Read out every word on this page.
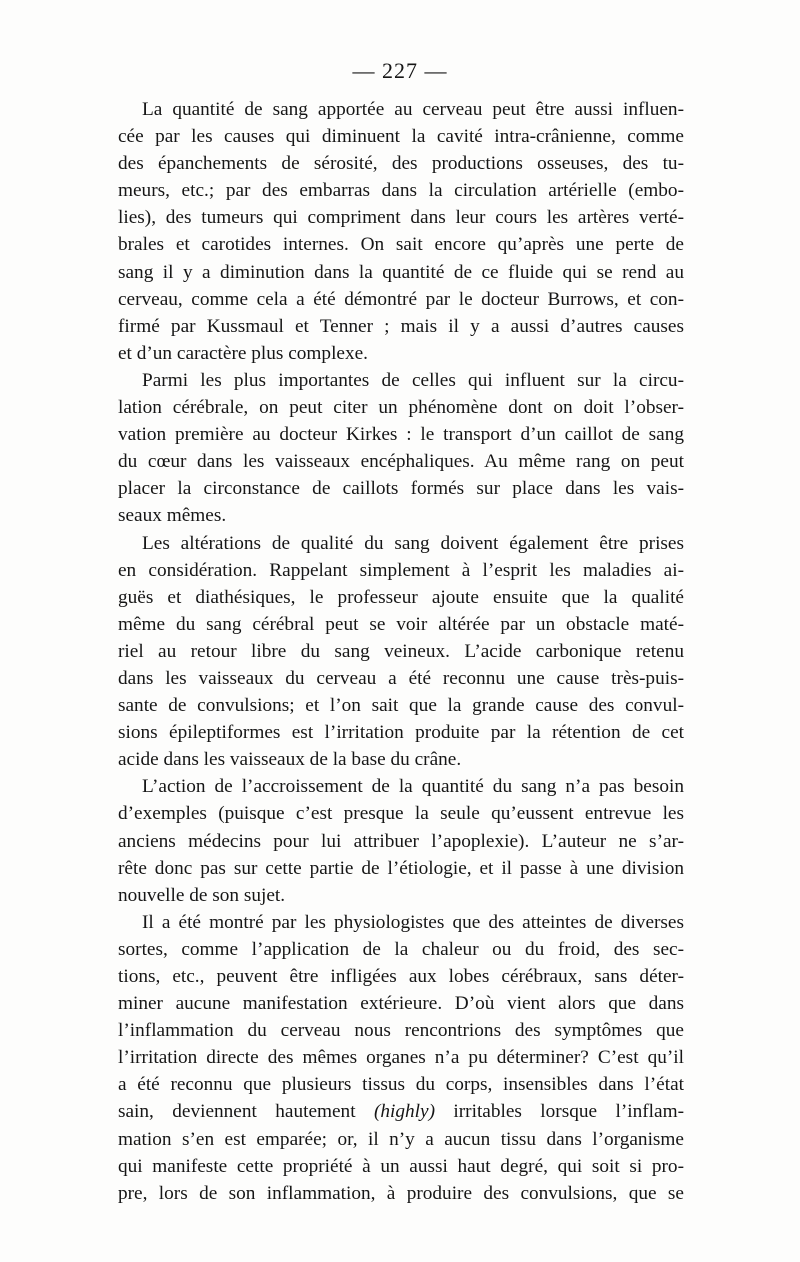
— 227 —

La quantité de sang apportée au cerveau peut être aussi influen-
cée par les causes qui diminuent la cavité intra-crânienne, comme
des épanchements de sérosité, des productions osseuses, des tu-
meurs, etc.; par des embarras dans la circulation artérielle (embo-
lies), des tumeurs qui compriment dans leur cours les artères verté-
brales et carotides internes. On sait encore qu’après une perte de
sang il y a diminution dans la quantité de ce fluide qui se rend au
cerveau, comme cela a été démontré par le docteur Burrows, et con-
firmé par Kussmaul et Tenner ; mais il y a aussi d’autres causes
et d’un caractère plus complexe.
Parmi les plus importantes de celles qui influent sur la circu-
lation cérébrale, on peut citer un phénomène dont on doit l’obser-
vation première au docteur Kirkes : le transport d’un caillot de sang
du cœur dans les vaisseaux encéphaliques. Au même rang on peut
placer la circonstance de caillots formés sur place dans les vais-
seaux mêmes.
Les altérations de qualité du sang doivent également être prises
en considération. Rappelant simplement à l’esprit les maladies ai-
guës et diathésiques, le professeur ajoute ensuite que la qualité
même du sang cérébral peut se voir altérée par un obstacle maté-
riel au retour libre du sang veineux. L’acide carbonique retenu
dans les vaisseaux du cerveau a été reconnu une cause très-puis-
sante de convulsions; et l’on sait que la grande cause des convul-
sions épileptiformes est l’irritation produite par la rétention de cet
acide dans les vaisseaux de la base du crâne.
L’action de l’accroissement de la quantité du sang n’a pas besoin
d’exemples (puisque c’est presque la seule qu’eussent entrevue les
anciens médecins pour lui attribuer l’apoplexie). L’auteur ne s’ar-
rête donc pas sur cette partie de l’étiologie, et il passe à une division
nouvelle de son sujet.
Il a été montré par les physiologistes que des atteintes de diverses
sortes, comme l’application de la chaleur ou du froid, des sec-
tions, etc., peuvent être infligées aux lobes cérébraux, sans déter-
miner aucune manifestation extérieure. D’où vient alors que dans
l’inflammation du cerveau nous rencontrions des symptômes que
l’irritation directe des mêmes organes n’a pu déterminer? C’est qu’il
a été reconnu que plusieurs tissus du corps, insensibles dans l’état
sain, deviennent hautement (highly) irritables lorsque l’inflam-
mation s’en est emparée; or, il n’y a aucun tissu dans l’organisme
qui manifeste cette propriété à un aussi haut degré, qui soit si pro-
pre, lors de son inflammation, à produire des convulsions, que se
